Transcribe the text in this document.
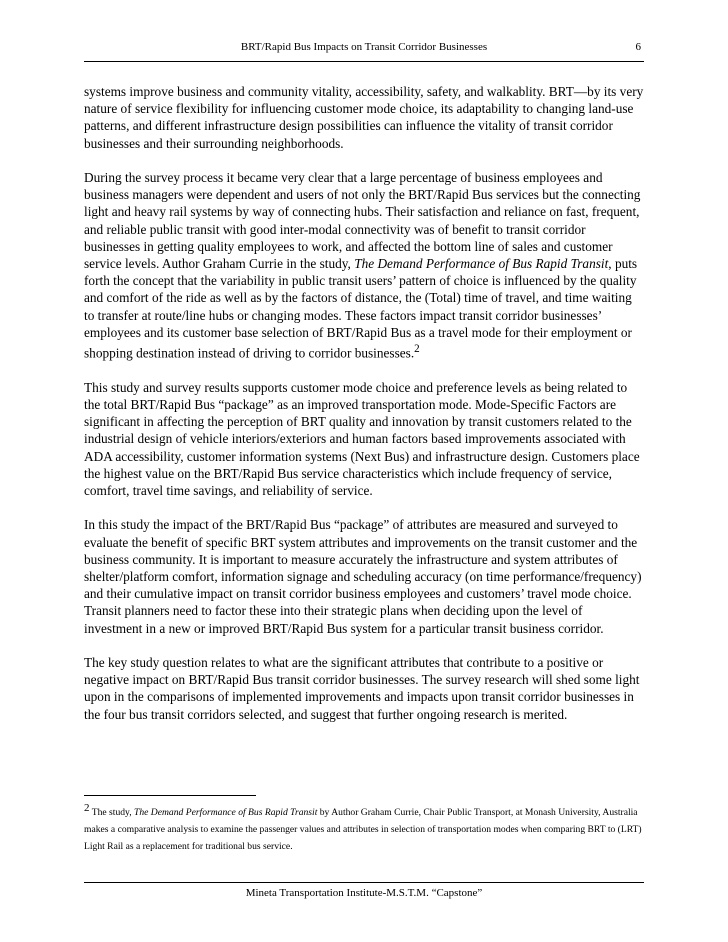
BRT/Rapid Bus Impacts on Transit Corridor Businesses	6

systems improve business and community vitality, accessibility, safety, and walkablity. BRT—by its very nature of service flexibility for influencing customer mode choice, its adaptability to changing land-use patterns, and different infrastructure design possibilities can influence the vitality of transit corridor businesses and their surrounding neighborhoods.

During the survey process it became very clear that a large percentage of business employees and business managers were dependent and users of not only the BRT/Rapid Bus services but the connecting light and heavy rail systems by way of connecting hubs. Their satisfaction and reliance on fast, frequent, and reliable public transit with good inter-modal connectivity was of benefit to transit corridor businesses in getting quality employees to work, and affected the bottom line of sales and customer service levels. Author Graham Currie in the study, The Demand Performance of Bus Rapid Transit, puts forth the concept that the variability in public transit users’ pattern of choice is influenced by the quality and comfort of the ride as well as by the factors of distance, the (Total) time of travel, and time waiting to transfer at route/line hubs or changing modes. These factors impact transit corridor businesses’ employees and its customer base selection of BRT/Rapid Bus as a travel mode for their employment or shopping destination instead of driving to corridor businesses.$^2$

This study and survey results supports customer mode choice and preference levels as being related to the total BRT/Rapid Bus “package” as an improved transportation mode. Mode-Specific Factors are significant in affecting the perception of BRT quality and innovation by transit customers related to the industrial design of vehicle interiors/exteriors and human factors based improvements associated with ADA accessibility, customer information systems (Next Bus) and infrastructure design. Customers place the highest value on the BRT/Rapid Bus service characteristics which include frequency of service, comfort, travel time savings, and reliability of service.

In this study the impact of the BRT/Rapid Bus “package” of attributes are measured and surveyed to evaluate the benefit of specific BRT system attributes and improvements on the transit customer and the business community. It is important to measure accurately the infrastructure and system attributes of shelter/platform comfort, information signage and scheduling accuracy (on time performance/frequency) and their cumulative impact on transit corridor business employees and customers’ travel mode choice. Transit planners need to factor these into their strategic plans when deciding upon the level of investment in a new or improved BRT/Rapid Bus system for a particular transit business corridor.

The key study question relates to what are the significant attributes that contribute to a positive or negative impact on BRT/Rapid Bus transit corridor businesses. The survey research will shed some light upon in the comparisons of implemented improvements and impacts upon transit corridor businesses in the four bus transit corridors selected, and suggest that further ongoing research is merited.

$^2$ The study, The Demand Performance of Bus Rapid Transit by Author Graham Currie, Chair Public Transport, at Monash University, Australia makes a comparative analysis to examine the passenger values and attributes in selection of transportation modes when comparing BRT to (LRT) Light Rail as a replacement for traditional bus service.
Mineta Transportation Institute-M.S.T.M. “Capstone”
